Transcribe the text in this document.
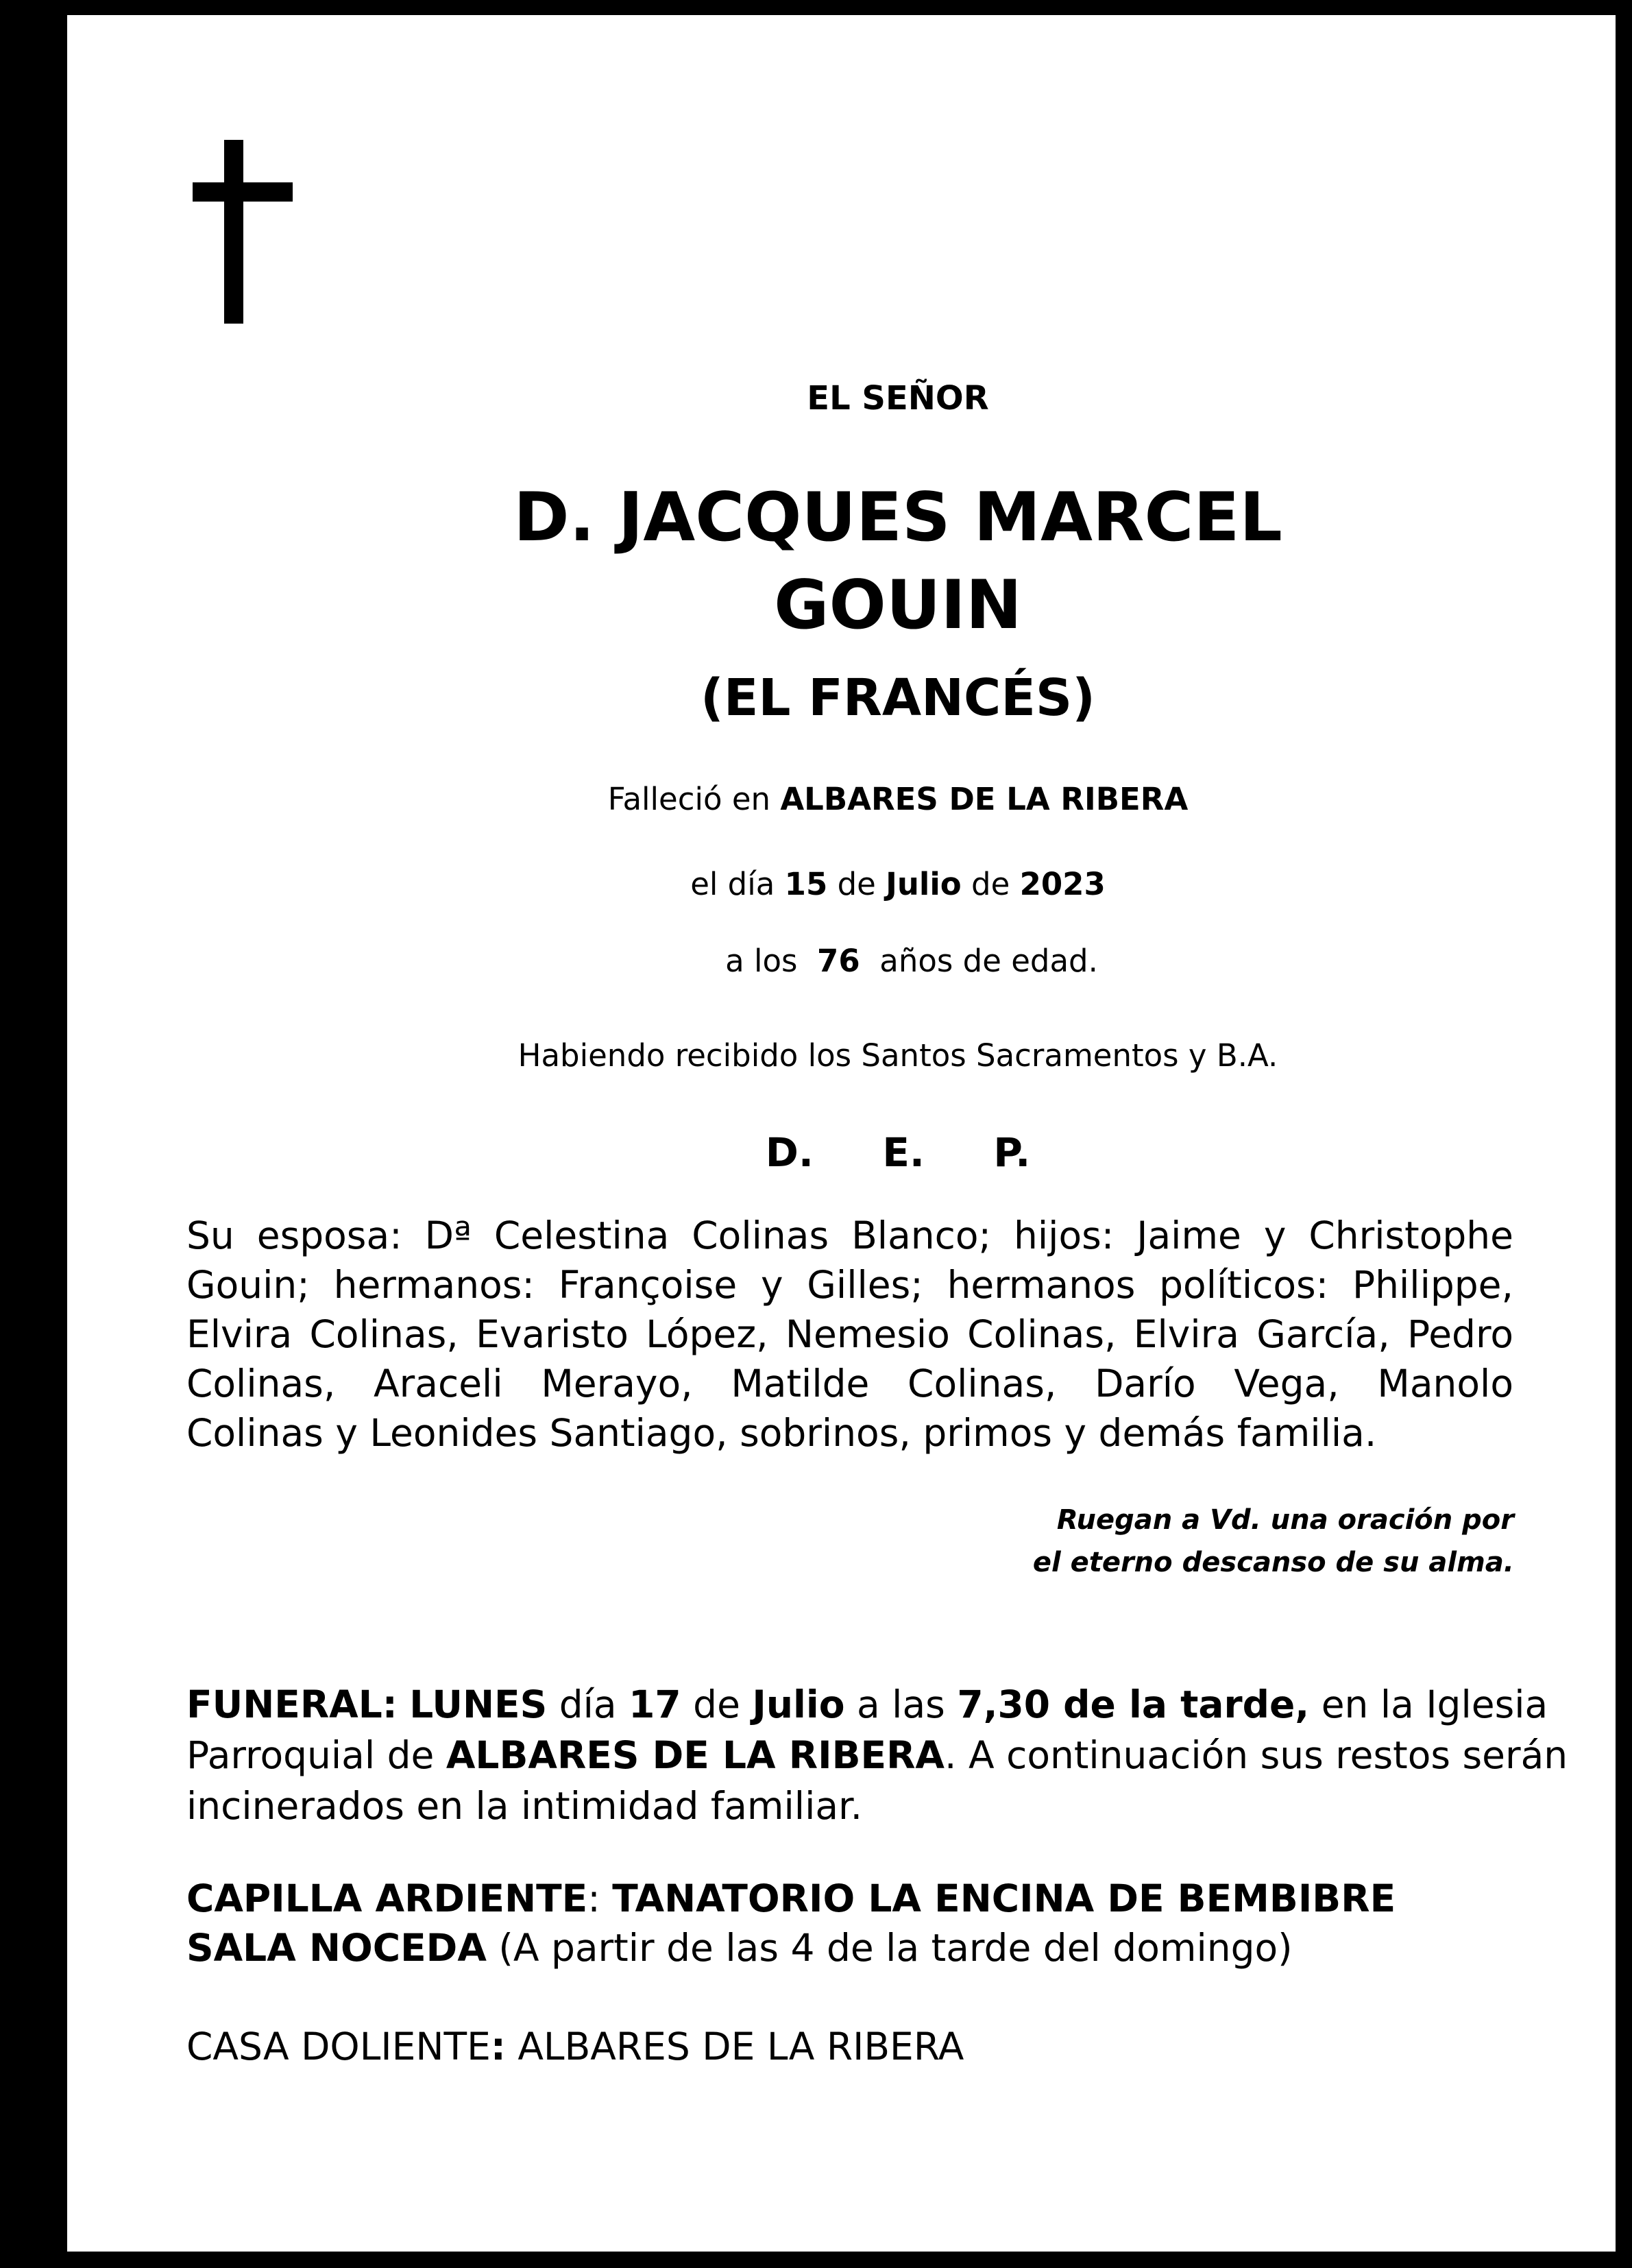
EL SEÑOR
D. JACQUES MARCEL
GOUIN
(EL FRANCÉS)
Falleció en ALBARES DE LA RIBERA
el día 15 de Julio de 2023
a los 76 años de edad.
Habiendo recibido los Santos Sacramentos y B.A.
D. E. P.
Su esposa: Dª Celestina Colinas Blanco; hijos: Jaime y Christophe
Gouin; hermanos: Françoise y Gilles; hermanos políticos: Philippe,
Elvira Colinas, Evaristo López, Nemesio Colinas, Elvira García, Pedro
Colinas, Araceli Merayo, Matilde Colinas, Darío Vega, Manolo
Colinas y Leonides Santiago, sobrinos, primos y demás familia.
Ruegan a Vd. una oración por
el eterno descanso de su alma.
FUNERAL: LUNES día 17 de Julio a las 7,30 de la tarde, en la Iglesia
Parroquial de ALBARES DE LA RIBERA. A continuación sus restos serán
incinerados en la intimidad familiar.
CAPILLA ARDIENTE: TANATORIO LA ENCINA DE BEMBIBRE
SALA NOCEDA (A partir de las 4 de la tarde del domingo)
CASA DOLIENTE: ALBARES DE LA RIBERA
